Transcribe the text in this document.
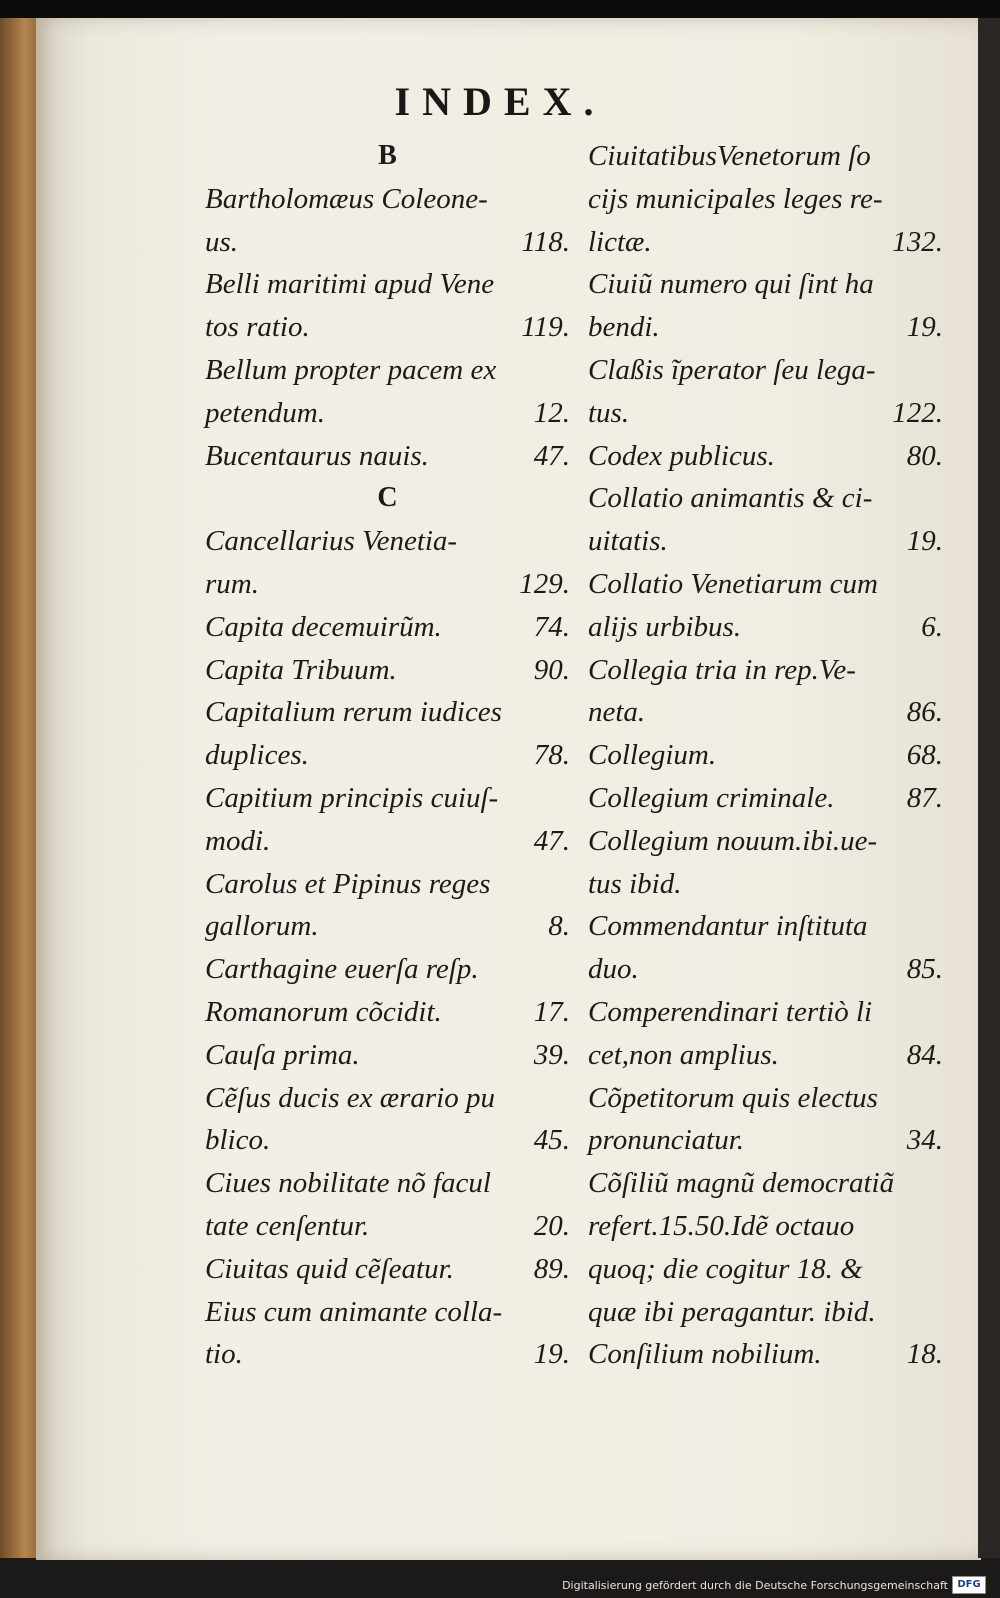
INDEX.
B
Bartholomæus Coleone-
us.	118.
Belli maritimi apud Vene
tos ratio.	119.
Bellum propter pacem ex
petendum.	12.
Bucentaurus nauis.	47.
C
Cancellarius Venetia-
rum.	129.
Capita decemuirũm.	74.
Capita Tribuum.	90.
Capitalium rerum iudices
duplices.	78.
Capitium principis cuiuſ-
modi.	47.
Carolus et Pipinus reges
gallorum.	8.
Carthagine euerſa reſp.
Romanorum cõcidit.	17.
Cauſa prima.	39.
Cẽſus ducis ex ærario pu
blico.	45.
Ciues nobilitate nõ facul
tate cenſentur.	20.
Ciuitas quid cẽſeatur.	89.
Eius cum animante colla-
tio.	19.
CiuitatibusVenetorum ſo
cijs municipales leges re-
lictæ.	132.
Ciuiũ numero qui ſint ha
bendi.	19.
Claßis ĩperator ſeu lega-
tus.	122.
Codex publicus.	80.
Collatio animantis & ci-
uitatis.	19.
Collatio Venetiarum cum
alijs urbibus.	6.
Collegia tria in rep.Ve-
neta.	86.
Collegium.	68.
Collegium criminale. 87.
Collegium nouum.ibi.ue-
tus ibid.
Commendantur inſtituta
duo.	85.
Comperendinari tertiò li
cet,non amplius.	84.
Cõpetitorum quis electus
pronunciatur.	34.
Cõſiliũ magnũ democratiã
refert.15.50.Idẽ octauo
quoq; die cogitur 18. &
quæ ibi peragantur. ibid.
Conſilium nobilium.	18.
Digitalisierung gefördert durch die Deutsche Forschungsgemeinschaft DFG
